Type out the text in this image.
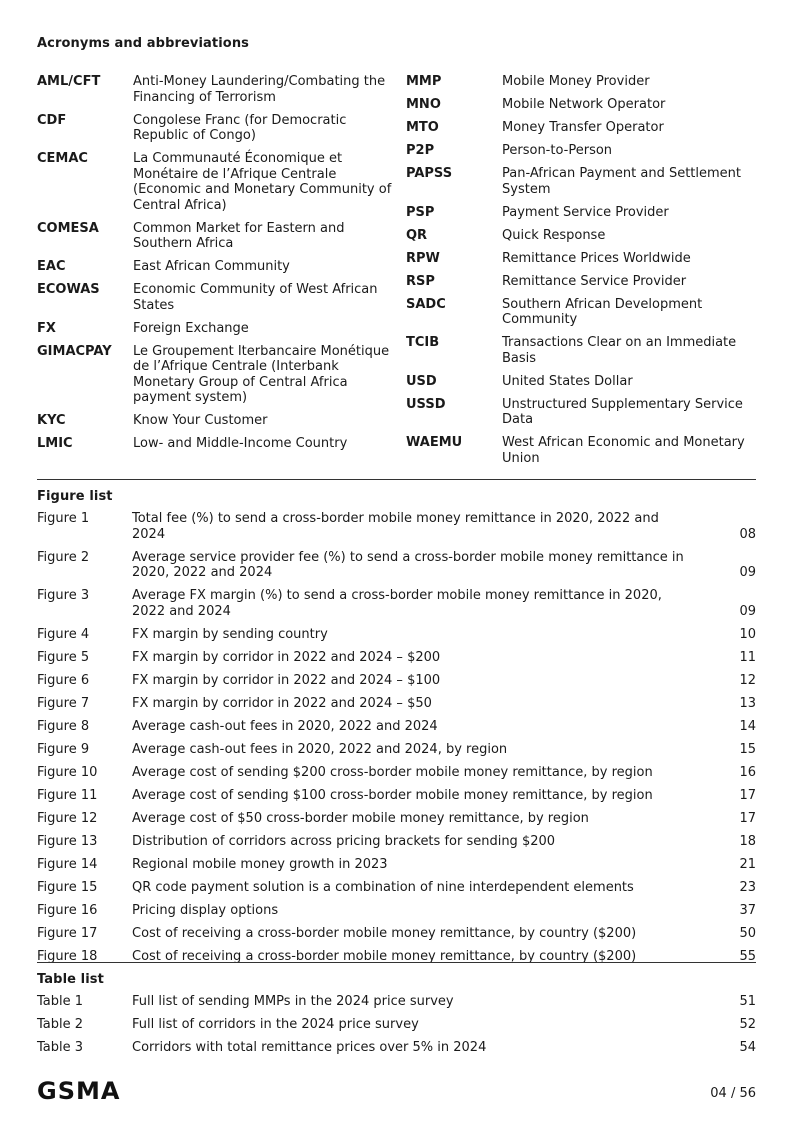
Acronyms and abbreviations
AML/CFT	Anti-Money Laundering/Combating the Financing of Terrorism
CDF	Congolese Franc (for Democratic Republic of Congo)
CEMAC	La Communauté Économique et Monétaire de l’Afrique Centrale (Economic and Monetary Community of Central Africa)
COMESA	Common Market for Eastern and Southern Africa
EAC	East African Community
ECOWAS	Economic Community of West African States
FX	Foreign Exchange
GIMACPAY	Le Groupement Iterbancaire Monétique de l’Afrique Centrale (Interbank Monetary Group of Central Africa payment system)
KYC	Know Your Customer
LMIC	Low- and Middle-Income Country
MMP	Mobile Money Provider
MNO	Mobile Network Operator
MTO	Money Transfer Operator
P2P	Person-to-Person
PAPSS	Pan-African Payment and Settlement System
PSP	Payment Service Provider
QR	Quick Response
RPW	Remittance Prices Worldwide
RSP	Remittance Service Provider
SADC	Southern African Development Community
TCIB	Transactions Clear on an Immediate Basis
USD	United States Dollar
USSD	Unstructured Supplementary Service Data
WAEMU	West African Economic and Monetary Union
Figure list
Figure 1	Total fee (%) to send a cross-border mobile money remittance in 2020, 2022 and 2024	08
Figure 2	Average service provider fee (%) to send a cross-border mobile money remittance in 2020, 2022 and 2024	09
Figure 3	Average FX margin (%) to send a cross-border mobile money remittance in 2020, 2022 and 2024	09
Figure 4	FX margin by sending country	10
Figure 5	FX margin by corridor in 2022 and 2024 – $200	11
Figure 6	FX margin by corridor in 2022 and 2024 – $100	12
Figure 7	FX margin by corridor in 2022 and 2024 – $50	13
Figure 8	Average cash-out fees in 2020, 2022 and 2024	14
Figure 9	Average cash-out fees in 2020, 2022 and 2024, by region	15
Figure 10	Average cost of sending $200 cross-border mobile money remittance, by region	16
Figure 11	Average cost of sending $100 cross-border mobile money remittance, by region	17
Figure 12	Average cost of $50 cross-border mobile money remittance, by region	17
Figure 13	Distribution of corridors across pricing brackets for sending $200	18
Figure 14	Regional mobile money growth in 2023	21
Figure 15	QR code payment solution is a combination of nine interdependent elements	23
Figure 16	Pricing display options	37
Figure 17	Cost of receiving a cross-border mobile money remittance, by country ($200)	50
Figure 18	Cost of receiving a cross-border mobile money remittance, by country ($200)	55
Table list
Table 1	Full list of sending MMPs in the 2024 price survey	51
Table 2	Full list of corridors in the 2024 price survey	52
Table 3	Corridors with total remittance prices over 5% in 2024	54
GSMA	04 / 56
